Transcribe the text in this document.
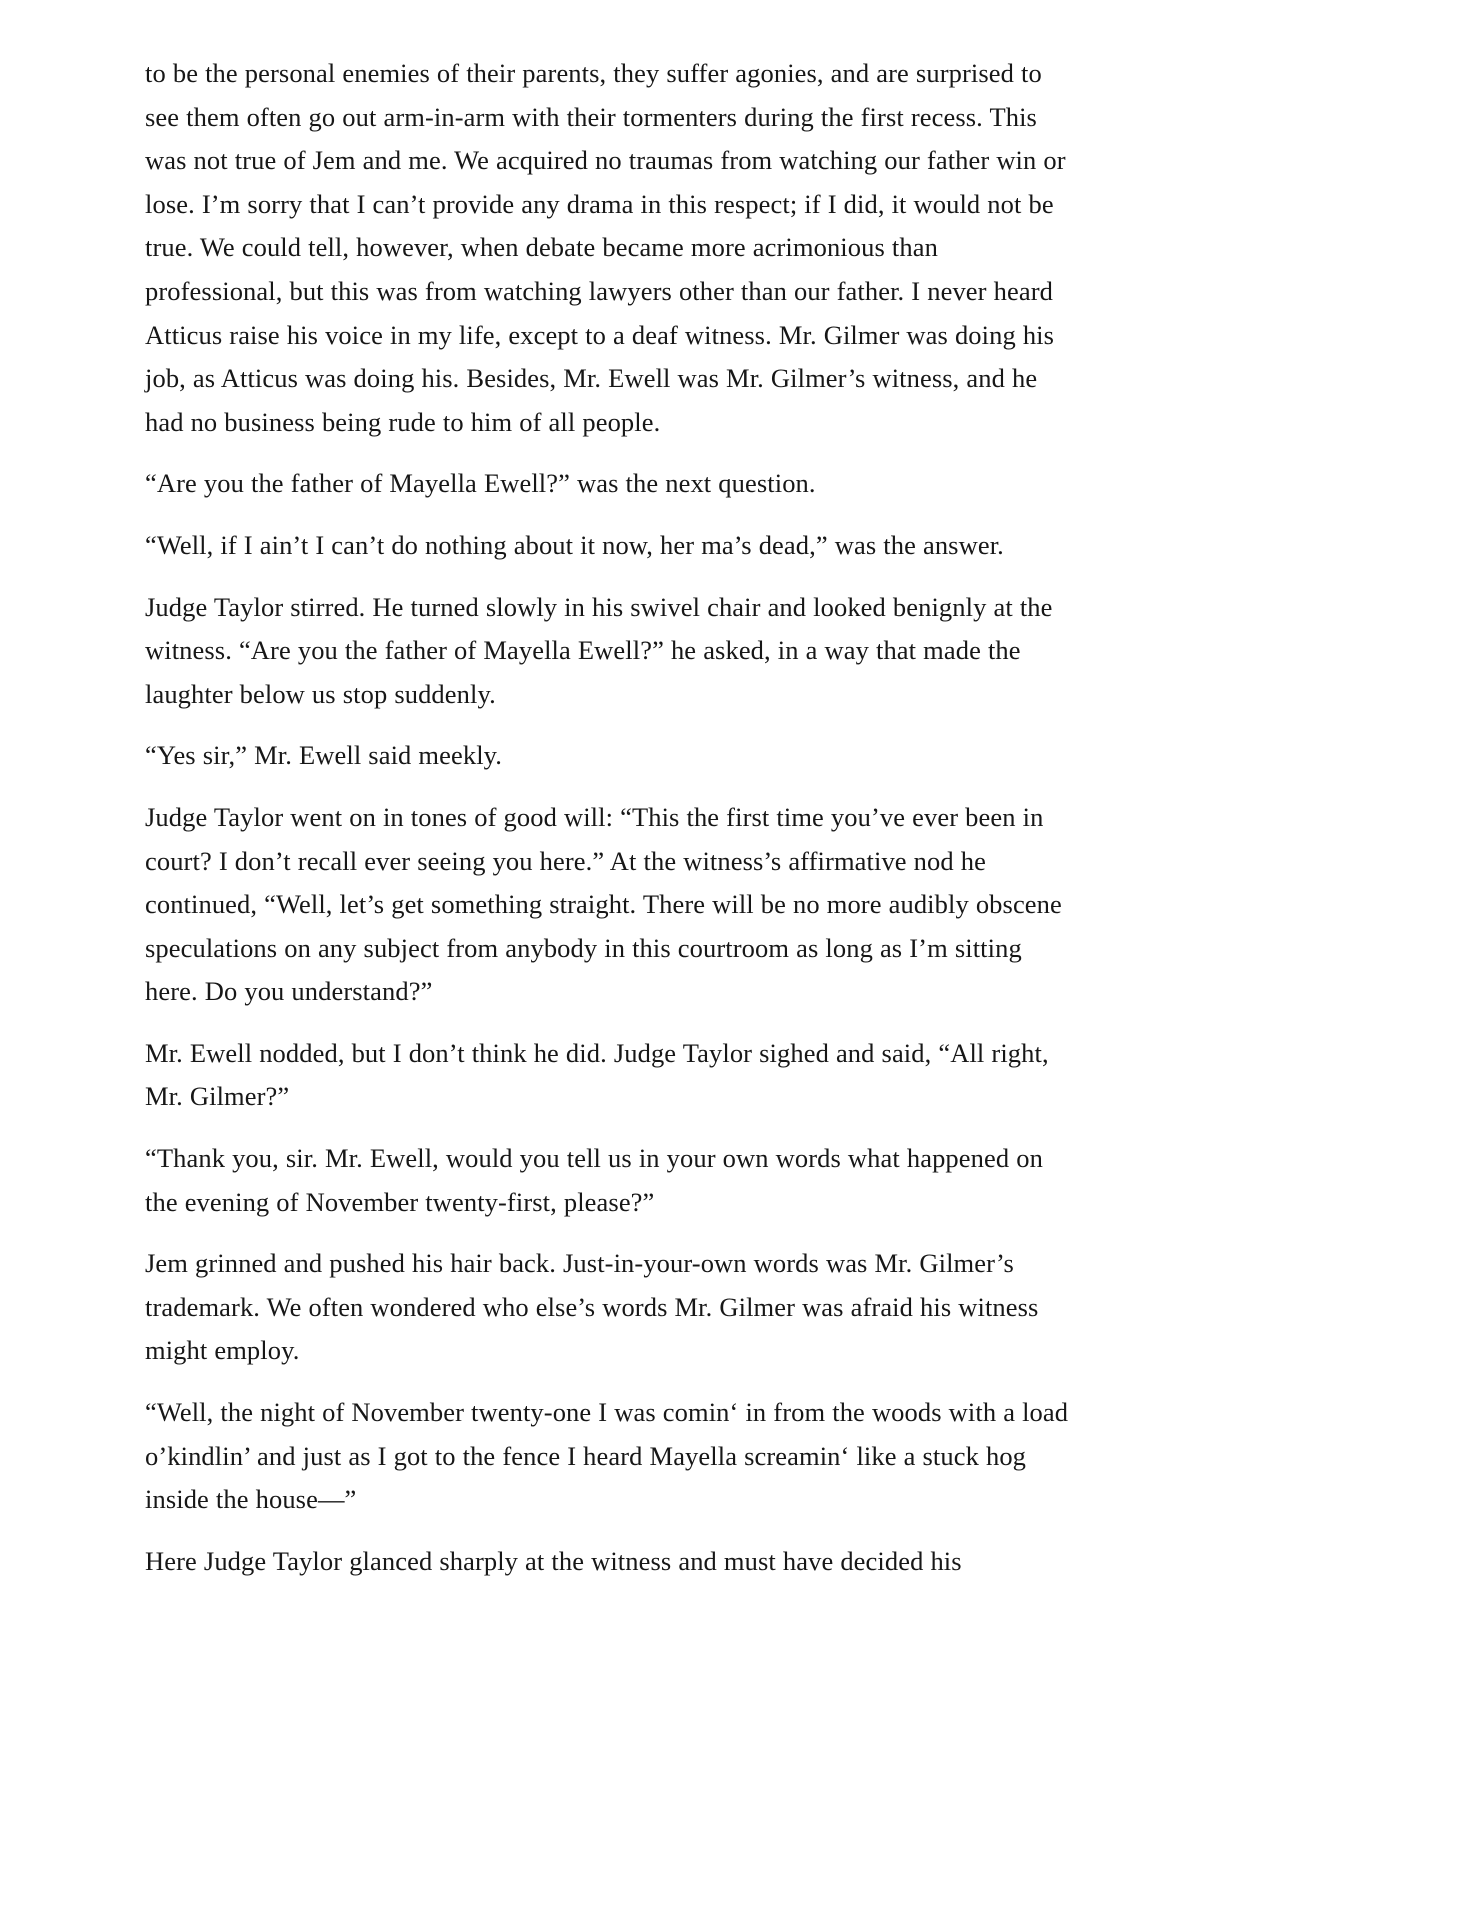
to be the personal enemies of their parents, they suffer agonies, and are surprised to see them often go out arm-in-arm with their tormenters during the first recess. This was not true of Jem and me. We acquired no traumas from watching our father win or lose. I’m sorry that I can’t provide any drama in this respect; if I did, it would not be true. We could tell, however, when debate became more acrimonious than professional, but this was from watching lawyers other than our father. I never heard Atticus raise his voice in my life, except to a deaf witness. Mr. Gilmer was doing his job, as Atticus was doing his. Besides, Mr. Ewell was Mr. Gilmer’s witness, and he had no business being rude to him of all people.

“Are you the father of Mayella Ewell?” was the next question.

“Well, if I ain’t I can’t do nothing about it now, her ma’s dead,” was the answer.

Judge Taylor stirred. He turned slowly in his swivel chair and looked benignly at the witness. “Are you the father of Mayella Ewell?” he asked, in a way that made the laughter below us stop suddenly.

“Yes sir,” Mr. Ewell said meekly.

Judge Taylor went on in tones of good will: “This the first time you’ve ever been in court? I don’t recall ever seeing you here.” At the witness’s affirmative nod he continued, “Well, let’s get something straight. There will be no more audibly obscene speculations on any subject from anybody in this courtroom as long as I’m sitting here. Do you understand?”

Mr. Ewell nodded, but I don’t think he did. Judge Taylor sighed and said, “All right, Mr. Gilmer?”

“Thank you, sir. Mr. Ewell, would you tell us in your own words what happened on the evening of November twenty-first, please?”

Jem grinned and pushed his hair back. Just-in-your-own words was Mr. Gilmer’s trademark. We often wondered who else’s words Mr. Gilmer was afraid his witness might employ.

“Well, the night of November twenty-one I was comin‘ in from the woods with a load o’kindlin’ and just as I got to the fence I heard Mayella screamin‘ like a stuck hog inside the house—”

Here Judge Taylor glanced sharply at the witness and must have decided his
